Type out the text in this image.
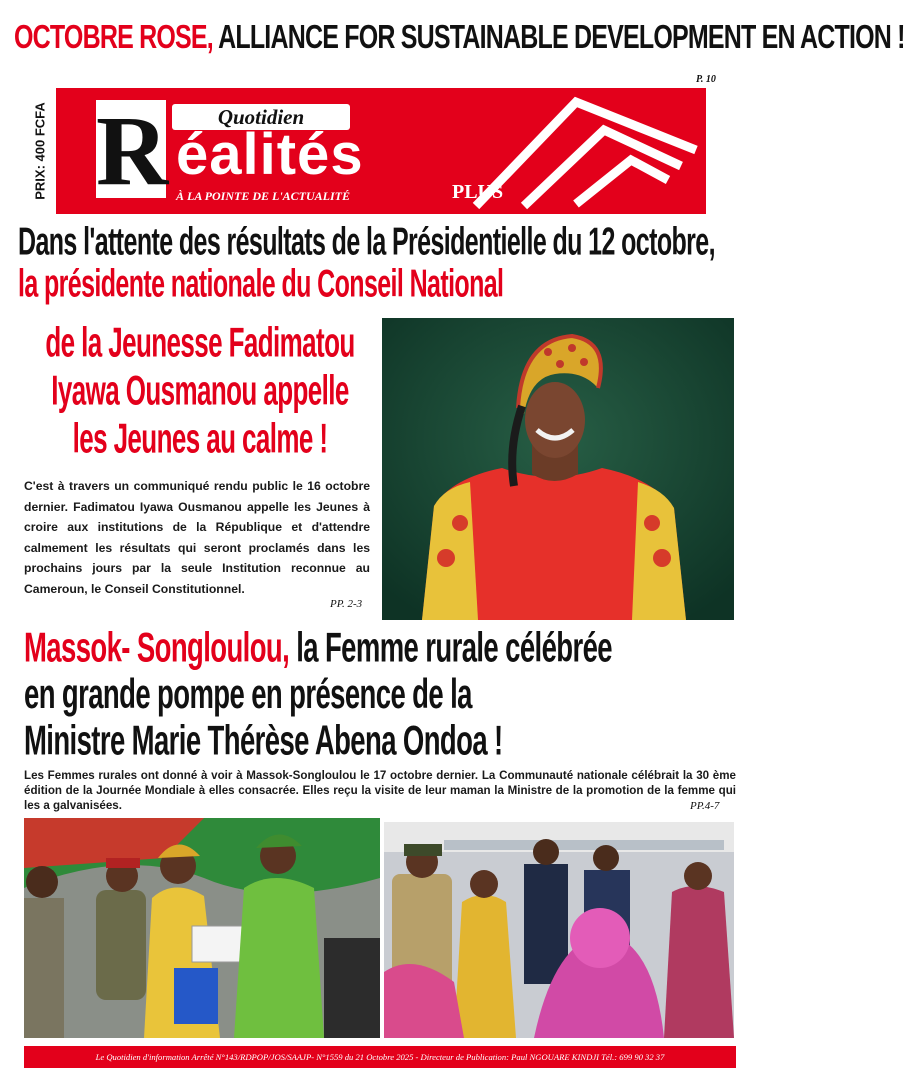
OCTOBRE ROSE, ALLIANCE FOR SUSTAINABLE DEVELOPMENT EN ACTION !
P. 10
PRIX: 400 FCFA R	Quotidien
éalités
À LA POINTE DE L'ACTUALITÉ	PLUS
Dans l'attente des résultats de la Présidentielle du 12 octobre, la présidente nationale du Conseil National
de la Jeunesse Fadimatou
Iyawa Ousmanou appelle
les Jeunes au calme !
C'est à travers un communiqué rendu public le 16 octobre dernier. Fadimatou Iyawa Ousmanou appelle les Jeunes à croire aux institutions de la République et d'attendre calmement les résultats qui seront proclamés dans les prochains jours par la seule Institution reconnue au Cameroun, le Conseil Constitutionnel.
PP. 2-3
Massok- Songloulou, la Femme rurale célébrée
en grande pompe en présence de la
Ministre Marie Thérèse Abena Ondoa !
Les Femmes rurales ont donné à voir à Massok-Songloulou le 17 octobre dernier. La Communauté nationale célébrait la 30 ème édition de la Journée Mondiale à elles consacrée. Elles reçu la visite de leur maman la Ministre de la promotion de la femme qui les a galvanisées.	PP.4-7
Le Quotidien d'information Arrêté N°143/RDPOP/JOS/SAAJP- N°1559 du 21 Octobre 2025 - Directeur de Publication: Paul NGOUARE KINDJI Tél.: 699 90 32 37
